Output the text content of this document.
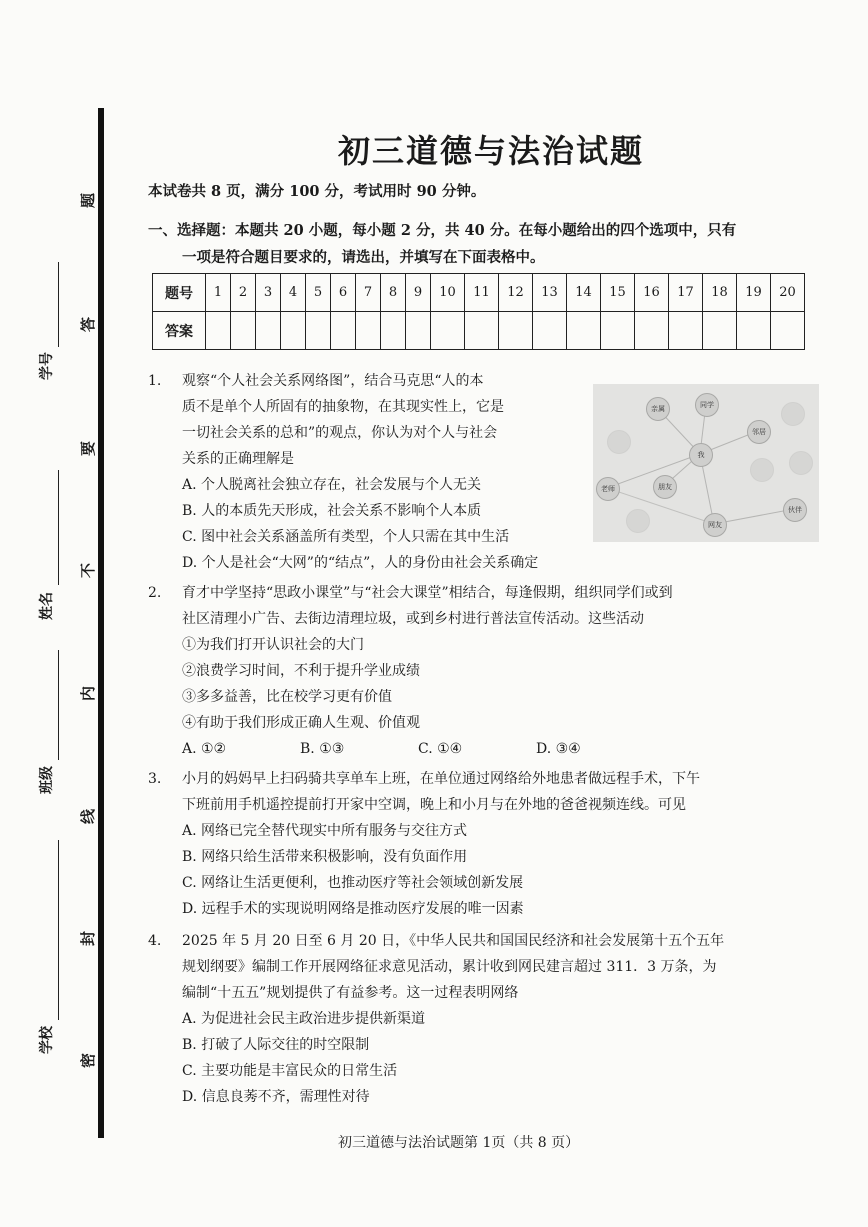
题
答
要
不
内
线
封
密
学号
姓名
班级
学校
初三道德与法治试题
本试卷共 8 页，满分 100 分，考试用时 90 分钟。
一、选择题：本题共 20 小题，每小题 2 分，共 40 分。在每小题给出的四个选项中，只有
一项是符合题目要求的，请选出，并填写在下面表格中。
题号	1	2	3	4	5	6	7	8	9	10	11	12	13	14	15	16	17	18	19	20
答案																				
1.	观察“个人社会关系网络图”，结合马克思“人的本
质不是单个人所固有的抽象物，在其现实性上，它是
一切社会关系的总和”的观点，你认为对个人与社会
关系的正确理解是
A. 个人脱离社会独立存在，社会发展与个人无关
B. 人的本质先天形成，社会关系不影响个人本质
C. 图中社会关系涵盖所有类型，个人只需在其中生活
D. 个人是社会“大网”的“结点”，人的身份由社会关系确定
2.	育才中学坚持“思政小课堂”与“社会大课堂”相结合，每逢假期，组织同学们或到
社区清理小广告、去街边清理垃圾，或到乡村进行普法宣传活动。这些活动
①为我们打开认识社会的大门
②浪费学习时间，不利于提升学业成绩
③多多益善，比在校学习更有价值
④有助于我们形成正确人生观、价值观
A. ①②	B. ①③	C. ①④	D. ③④
3.	小月的妈妈早上扫码骑共享单车上班，在单位通过网络给外地患者做远程手术，下午
下班前用手机遥控提前打开家中空调，晚上和小月与在外地的爸爸视频连线。可见
A. 网络已完全替代现实中所有服务与交往方式
B. 网络只给生活带来积极影响，没有负面作用
C. 网络让生活更便利，也推动医疗等社会领域创新发展
D. 远程手术的实现说明网络是推动医疗发展的唯一因素
4.	2025 年 5 月 20 日至 6 月 20 日，《中华人民共和国国民经济和社会发展第十五个五年
规划纲要》编制工作开展网络征求意见活动，累计收到网民建言超过 311．3 万条，为
编制“十五五”规划提供了有益参考。这一过程表明网络
A. 为促进社会民主政治进步提供新渠道
B. 打破了人际交往的时空限制
C. 主要功能是丰富民众的日常生活
D. 信息良莠不齐，需理性对待
初三道德与法治试题第 1页（共 8 页）
亲属	同学
邻居
我
老师	朋友
网友
伙伴
